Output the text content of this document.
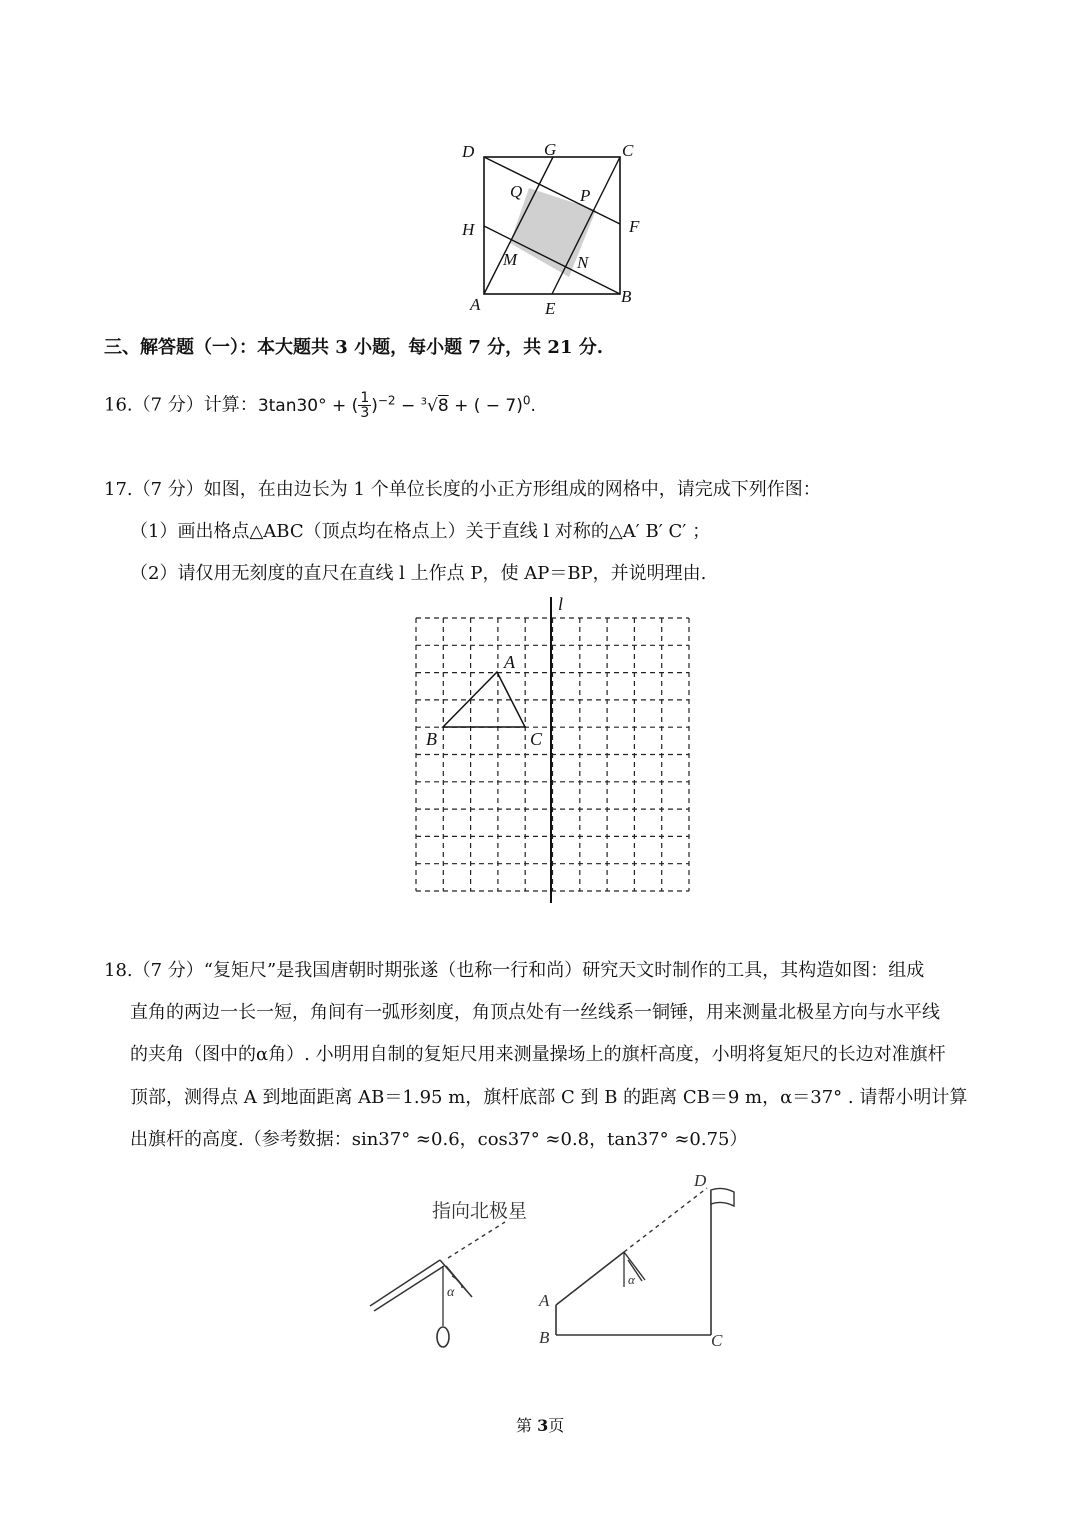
D	G	C
Q	P
H	F
M	N
A	E
B
三、解答题（一）：本大题共 3 小题，每小题 7 分，共 21 分.
16.（7 分）计算：3tan30° + ( $\frac{1}{3} )^{-2} - ^3√8$ + ( − 7)$^0$.
17.（7 分）如图，在由边长为 1 个单位长度的小正方形组成的网格中，请完成下列作图：
（1）画出格点△ABC（顶点均在格点上）关于直线 l 对称的△A′ B′ C′ ；
（2）请仅用无刻度的直尺在直线 l 上作点 P，使 AP＝BP，并说明理由.
l
A
B	C
18.（7 分）“复矩尺”是我国唐朝时期张遂（也称一行和尚）研究天文时制作的工具，其构造如图：组成
直角的两边一长一短，角间有一弧形刻度，角顶点处有一丝线系一铜锤，用来测量北极星方向与水平线
的夹角（图中的α角）. 小明用自制的复矩尺用来测量操场上的旗杆高度，小明将复矩尺的长边对准旗杆
顶部，测得点 A 到地面距离 AB＝1.95 m，旗杆底部 C 到 B 的距离 CB＝9 m，α＝37° . 请帮小明计算
出旗杆的高度.（参考数据：sin37° ≈0.6，cos37° ≈0.8，tan37° ≈0.75）
指向北极星
α
D
A
B	C
α
第 3页
